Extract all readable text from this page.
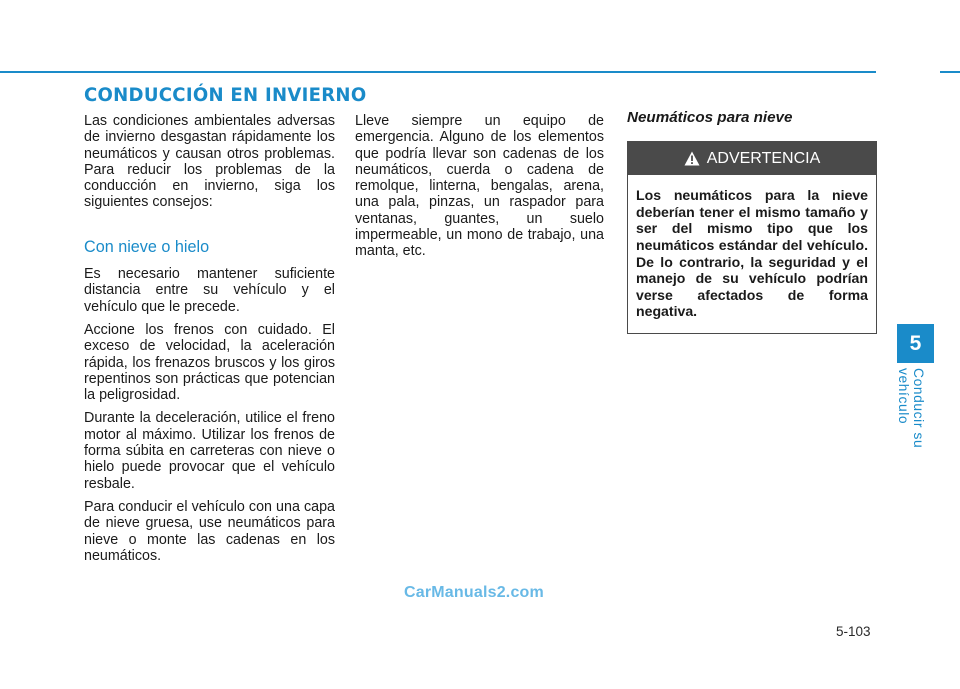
CONDUCCIÓN EN INVIERNO

Las condiciones ambientales adversas de invierno desgastan rápidamente los neumáticos y causan otros problemas. Para reducir los problemas de la conducción en invierno, siga los siguientes consejos:

Con nieve o hielo

Es necesario mantener suficiente distancia entre su vehículo y el vehículo que le precede.

Accione los frenos con cuidado. El exceso de velocidad, la aceleración rápida, los frenazos bruscos y los giros repentinos son prácticas que potencian la peligrosidad.

Durante la deceleración, utilice el freno motor al máximo. Utilizar los frenos de forma súbita en carreteras con nieve o hielo puede provocar que el vehículo resbale.

Para conducir el vehículo con una capa de nieve gruesa, use neumáticos para nieve o monte las cadenas en los neumáticos.

Lleve siempre un equipo de emergencia. Alguno de los elementos que podría llevar son cadenas de los neumáticos, cuerda o cadena de remolque, linterna, bengalas, arena, una pala, pinzas, un raspador para ventanas, guantes, un suelo impermeable, un mono de trabajo, una manta, etc.

Neumáticos para nieve
ADVERTENCIA
Los neumáticos para la nieve deberían tener el mismo tamaño y ser del mismo tipo que los neumáticos estándar del vehículo. De lo contrario, la seguridad y el manejo de su vehículo podrían verse afectados de forma negativa.
5
Conducir su vehículo
CarManuals2.com
5-103
